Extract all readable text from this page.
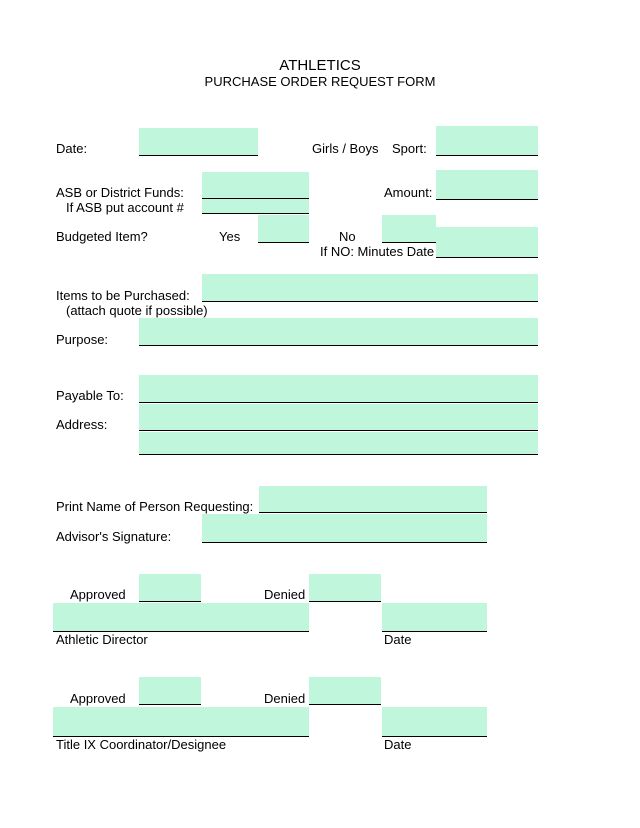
ATHLETICS
PURCHASE ORDER REQUEST FORM
Date:	Girls / Boys Sport:
ASB or District Funds:
If ASB put account #
Amount:
Budgeted Item?	Yes	No
If NO: Minutes Date
Items to be Purchased:
(attach quote if possible)
Purpose:
Payable To:
Address:
Print Name of Person Requesting:
Advisor's Signature:
Approved	Denied
Athletic Director	Date
Approved	Denied
Title IX Coordinator/Designee	Date
